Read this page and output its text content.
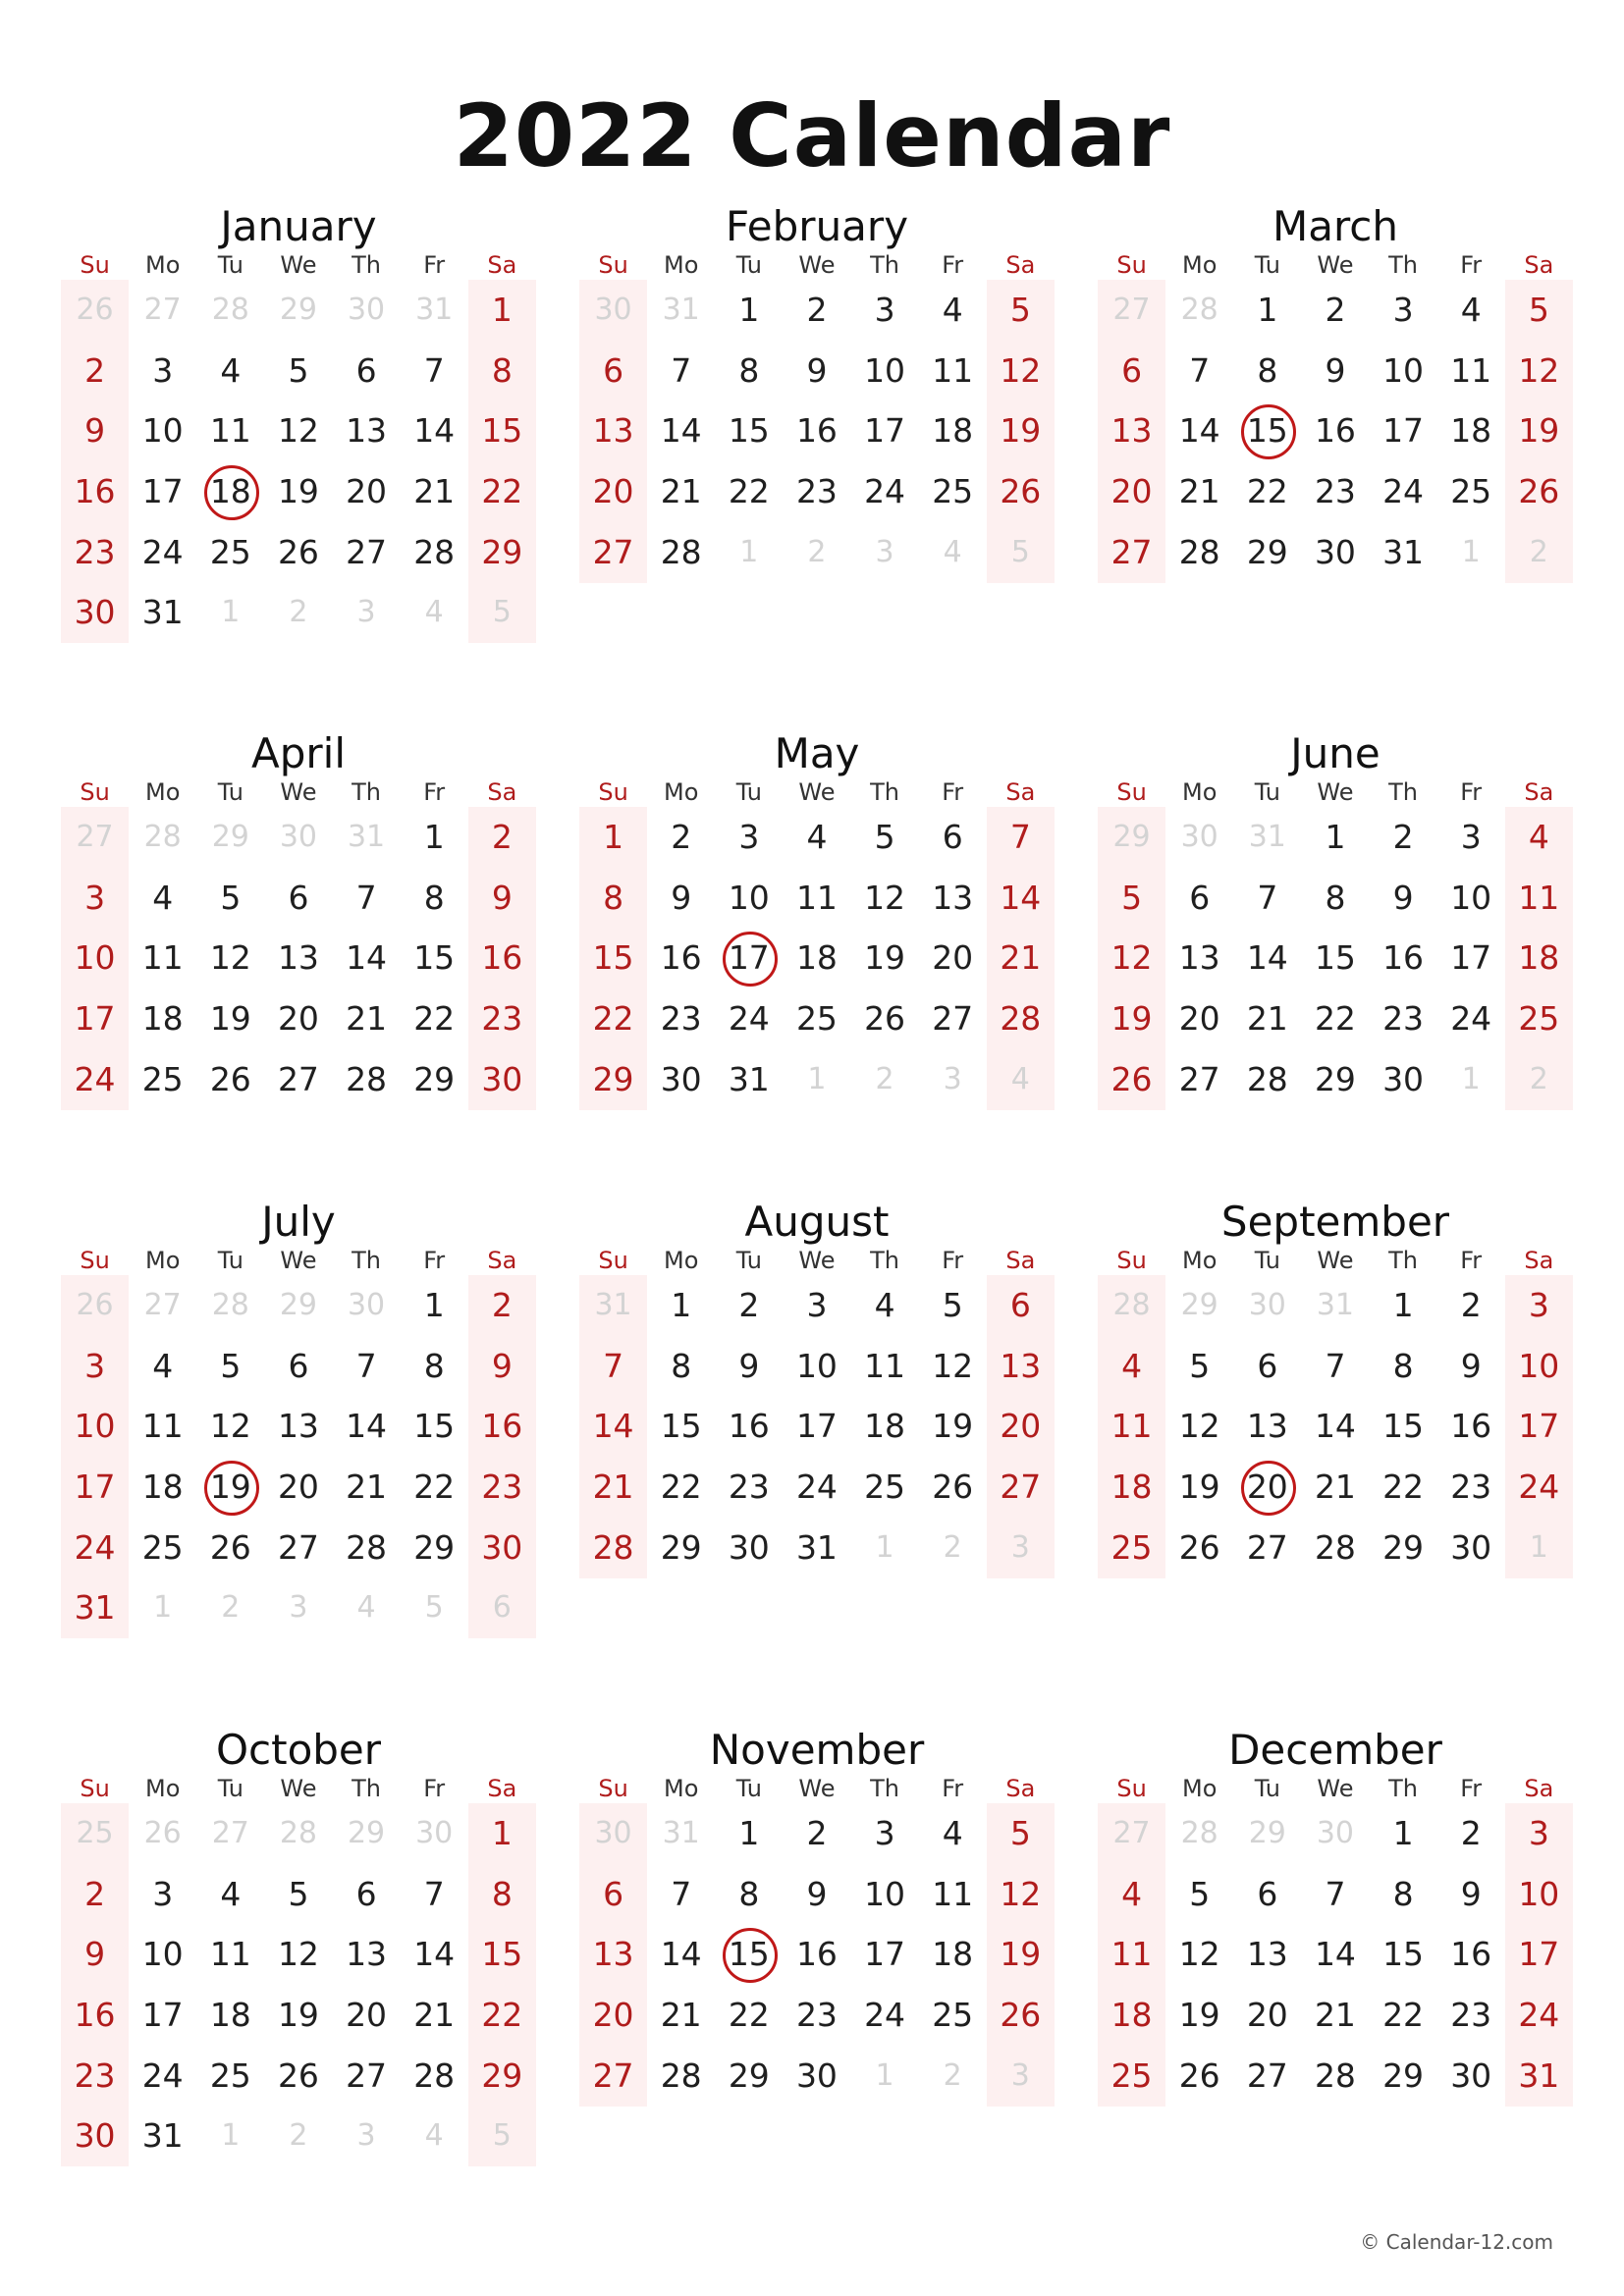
2022 Calendar
January
Su	Mo	Tu	We	Th	Fr	Sa
26	27	28	29	30	31	1
2	3	4	5	6	7	8
9	10 11 12 13 14 15
16 17 18 19 20 21 22
23 24 25 26 27 28 29
30 31	1	2	3	4	5
February
Su	Mo	Tu	We	Th	Fr	Sa
30	31	1	2	3	4	5
6	7	8	9	10 11 12
13 14 15 16 17 18 19
20 21 22 23 24 25 26
27 28	1	2	3	4	5
March
Su	Mo	Tu	We	Th	Fr	Sa
27	28	1	2	3	4	5
6	7	8	9	10 11 12
13 14 15 16 17 18 19
20 21 22 23 24 25 26
27 28 29 30 31	1	2
April
Su	Mo	Tu	We	Th	Fr	Sa
27	28	29	30	31	1	2
3	4	5	6	7	8	9
10 11 12 13 14 15 16
17 18 19 20 21 22 23
24 25 26 27 28 29 30
May
Su	Mo	Tu	We	Th	Fr	Sa
1	2	3	4	5	6	7
8	9	10 11 12 13 14
15 16 17 18 19 20 21
22 23 24 25 26 27 28
29 30 31	1	2	3	4
June
Su	Mo	Tu	We	Th	Fr	Sa
29	30	31	1	2	3	4
5	6	7	8	9	10 11
12 13 14 15 16 17 18
19 20 21 22 23 24 25
26 27 28 29 30	1	2
July
Su	Mo	Tu	We	Th	Fr	Sa
26	27	28	29	30	1	2
3	4	5	6	7	8	9
10 11 12 13 14 15 16
17 18 19 20 21 22 23
24 25 26 27 28 29 30
31	1	2	3	4	5	6
August
Su	Mo	Tu	We	Th	Fr	Sa
31	1	2	3	4	5	6
7	8	9	10 11 12 13
14 15 16 17 18 19 20
21 22 23 24 25 26 27
28 29 30 31	1	2	3
September
Su	Mo	Tu	We	Th	Fr	Sa
28	29	30	31	1	2	3
4	5	6	7	8	9	10
11 12 13 14 15 16 17
18 19 20 21 22 23 24
25 26 27 28 29 30	1
October
Su	Mo	Tu	We	Th	Fr	Sa
25	26	27	28	29	30	1
2	3	4	5	6	7	8
9	10 11 12 13 14 15
16 17 18 19 20 21 22
23 24 25 26 27 28 29
30 31	1	2	3	4	5
November
Su	Mo	Tu	We	Th	Fr	Sa
30	31	1	2	3	4	5
6	7	8	9	10 11 12
13 14 15 16 17 18 19
20 21 22 23 24 25 26
27 28 29 30	1	2	3
December
Su	Mo	Tu	We	Th	Fr	Sa
27	28	29	30	1	2	3
4	5	6	7	8	9	10
11 12 13 14 15 16 17
18 19 20 21 22 23 24
25 26 27 28 29 30 31
© Calendar-12.com
